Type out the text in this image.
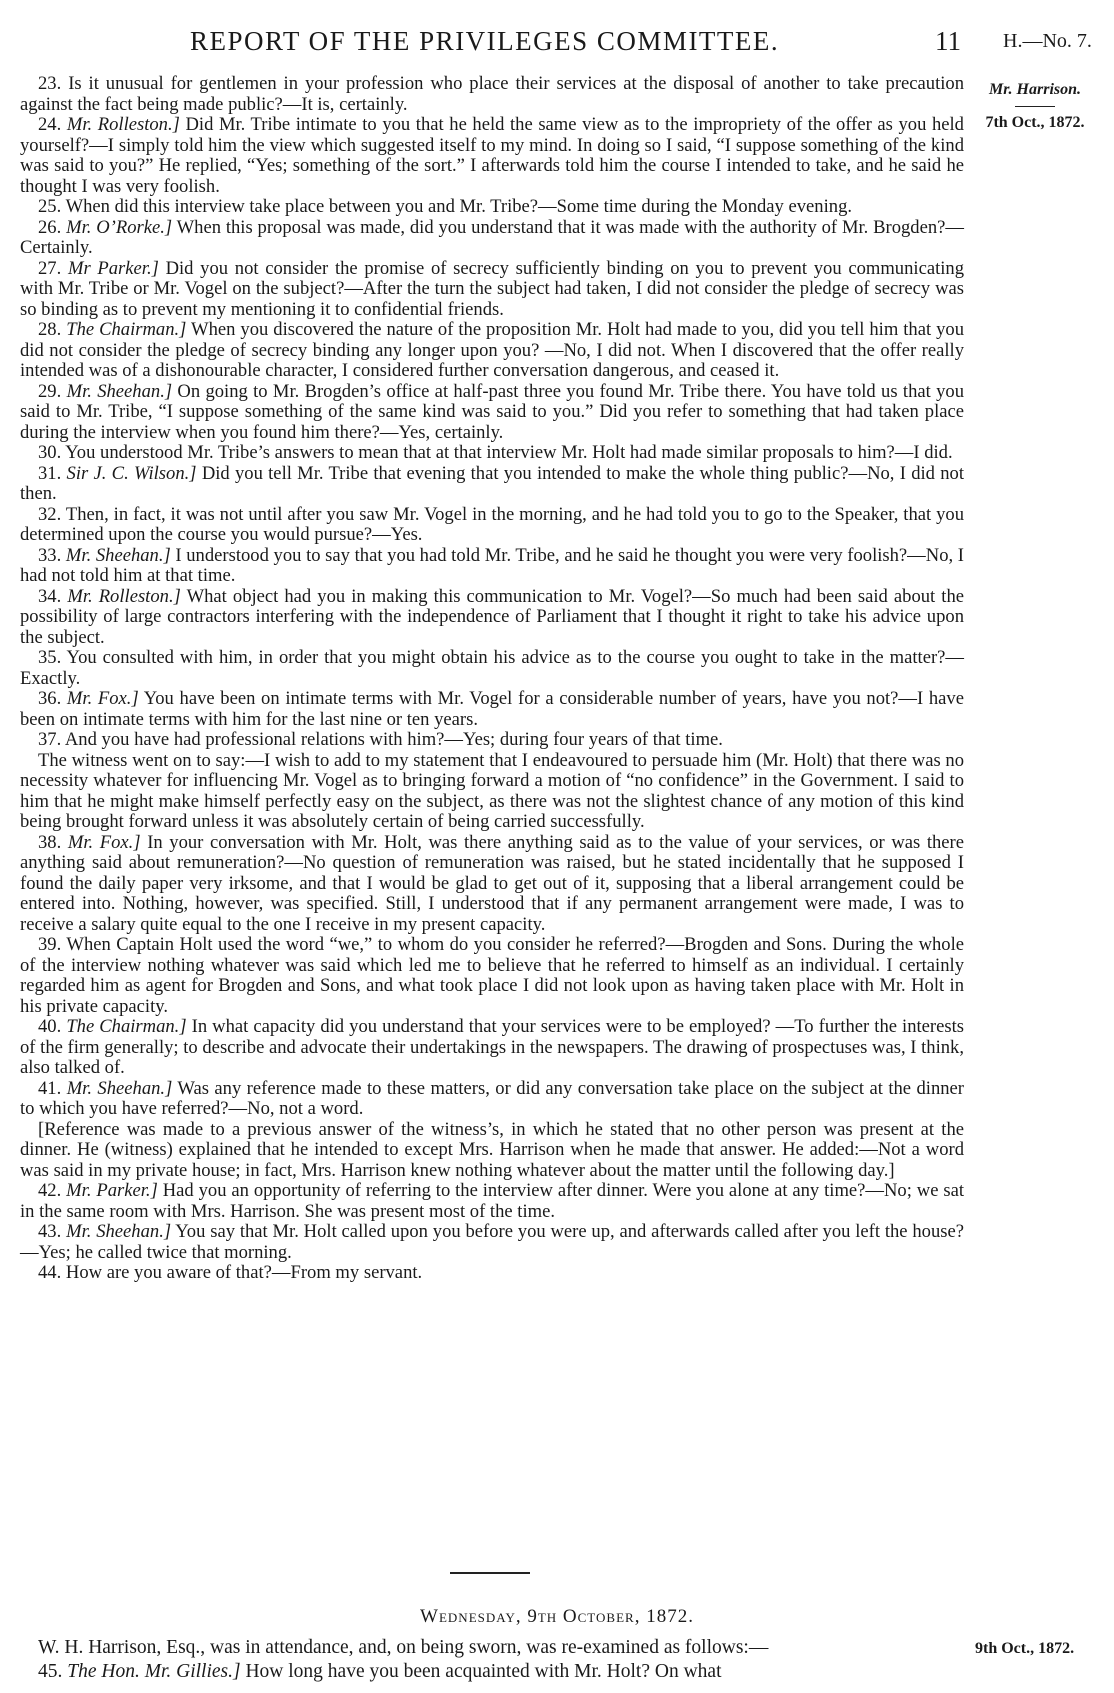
REPORT OF THE PRIVILEGES COMMITTEE.	11 H.—No. 7.
Mr. Harrison.
7th Oct., 1872.

23. Is it unusual for gentlemen in your profession who place their services at the disposal of another to take precaution against the fact being made public?—It is, certainly.

24. Mr. Rolleston.] Did Mr. Tribe intimate to you that he held the same view as to the impropriety of the offer as you held yourself?—I simply told him the view which suggested itself to my mind. In doing so I said, “I suppose something of the kind was said to you?” He replied, “Yes; something of the sort.” I afterwards told him the course I intended to take, and he said he thought I was very foolish.

25. When did this interview take place between you and Mr. Tribe?—Some time during the Monday evening.

26. Mr. O’Rorke.] When this proposal was made, did you understand that it was made with the authority of Mr. Brogden?—Certainly.

27. Mr Parker.] Did you not consider the promise of secrecy sufficiently binding on you to prevent you communicating with Mr. Tribe or Mr. Vogel on the subject?—After the turn the subject had taken, I did not consider the pledge of secrecy was so binding as to prevent my mentioning it to confidential friends.

28. The Chairman.] When you discovered the nature of the proposition Mr. Holt had made to you, did you tell him that you did not consider the pledge of secrecy binding any longer upon you? —No, I did not. When I discovered that the offer really intended was of a dishonourable character, I considered further conversation dangerous, and ceased it.

29. Mr. Sheehan.] On going to Mr. Brogden’s office at half-past three you found Mr. Tribe there. You have told us that you said to Mr. Tribe, “I suppose something of the same kind was said to you.” Did you refer to something that had taken place during the interview when you found him there?—Yes, certainly.

30. You understood Mr. Tribe’s answers to mean that at that interview Mr. Holt had made similar proposals to him?—I did.

31. Sir J. C. Wilson.] Did you tell Mr. Tribe that evening that you intended to make the whole thing public?—No, I did not then.

32. Then, in fact, it was not until after you saw Mr. Vogel in the morning, and he had told you to go to the Speaker, that you determined upon the course you would pursue?—Yes.

33. Mr. Sheehan.] I understood you to say that you had told Mr. Tribe, and he said he thought you were very foolish?—No, I had not told him at that time.

34. Mr. Rolleston.] What object had you in making this communication to Mr. Vogel?—So much had been said about the possibility of large contractors interfering with the independence of Parliament that I thought it right to take his advice upon the subject.

35. You consulted with him, in order that you might obtain his advice as to the course you ought to take in the matter?—Exactly.

36. Mr. Fox.] You have been on intimate terms with Mr. Vogel for a considerable number of years, have you not?—I have been on intimate terms with him for the last nine or ten years.

37. And you have had professional relations with him?—Yes; during four years of that time.

The witness went on to say:—I wish to add to my statement that I endeavoured to persuade him (Mr. Holt) that there was no necessity whatever for influencing Mr. Vogel as to bringing forward a motion of “no confidence” in the Government. I said to him that he might make himself perfectly easy on the subject, as there was not the slightest chance of any motion of this kind being brought forward unless it was absolutely certain of being carried successfully.

38. Mr. Fox.] In your conversation with Mr. Holt, was there anything said as to the value of your services, or was there anything said about remuneration?—No question of remuneration was raised, but he stated incidentally that he supposed I found the daily paper very irksome, and that I would be glad to get out of it, supposing that a liberal arrangement could be entered into. Nothing, however, was specified. Still, I understood that if any permanent arrangement were made, I was to receive a salary quite equal to the one I receive in my present capacity.

39. When Captain Holt used the word “we,” to whom do you consider he referred?—Brogden and Sons. During the whole of the interview nothing whatever was said which led me to believe that he referred to himself as an individual. I certainly regarded him as agent for Brogden and Sons, and what took place I did not look upon as having taken place with Mr. Holt in his private capacity.

40. The Chairman.] In what capacity did you understand that your services were to be employed? —To further the interests of the firm generally; to describe and advocate their undertakings in the newspapers. The drawing of prospectuses was, I think, also talked of.

41. Mr. Sheehan.] Was any reference made to these matters, or did any conversation take place on the subject at the dinner to which you have referred?—No, not a word.

[Reference was made to a previous answer of the witness’s, in which he stated that no other person was present at the dinner. He (witness) explained that he intended to except Mrs. Harrison when he made that answer. He added:—Not a word was said in my private house; in fact, Mrs. Harrison knew nothing whatever about the matter until the following day.]

42. Mr. Parker.] Had you an opportunity of referring to the interview after dinner. Were you alone at any time?—No; we sat in the same room with Mrs. Harrison. She was present most of the time.

43. Mr. Sheehan.] You say that Mr. Holt called upon you before you were up, and afterwards called after you left the house?—Yes; he called twice that morning.

44. How are you aware of that?—From my servant.

Wednesday, 9th October, 1872.

W. H. Harrison, Esq., was in attendance, and, on being sworn, was re-examined as follows:—

45. The Hon. Mr. Gillies.] How long have you been acquainted with Mr. Holt? On what

9th Oct., 1872.
